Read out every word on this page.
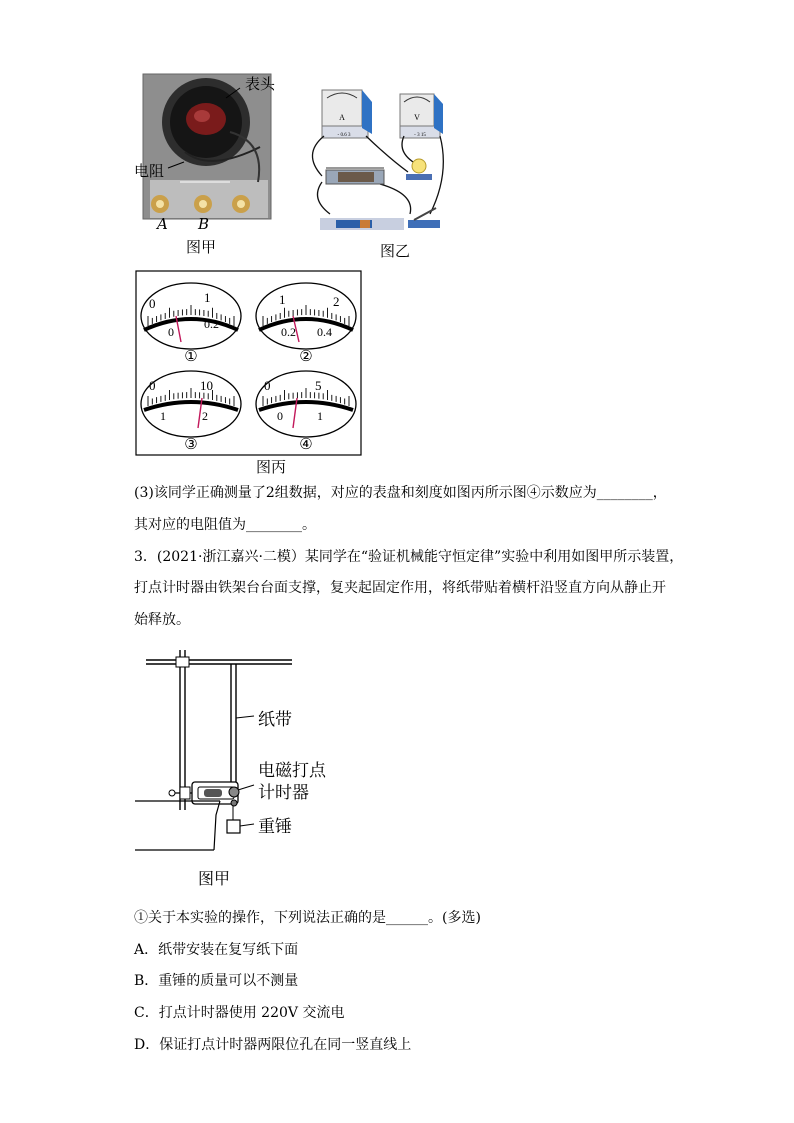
表头
电阻
A B
图甲
A
- 0.6 3
V
- 3 15
图乙
0	1
0
0.2
①
1	2
0.2 0.4
②
0	10
1	2
③
0	5
0	1
④
图丙
(3)该同学正确测量了2组数据，对应的表盘和刻度如图丙所示图④示数应为________，
其对应的电阻值为________。
3．(2021·浙江嘉兴·二模）某同学在“验证机械能守恒定律”实验中利用如图甲所示装置，
打点计时器由铁架台台面支撑，复夹起固定作用，将纸带贴着横杆沿竖直方向从静止开
始释放。
纸带
电磁打点
计时器
重锤
图甲
①关于本实验的操作，下列说法正确的是______。(多选)
A．纸带安装在复写纸下面
B．重锤的质量可以不测量
C．打点计时器使用 220V 交流电
D．保证打点计时器两限位孔在同一竖直线上
